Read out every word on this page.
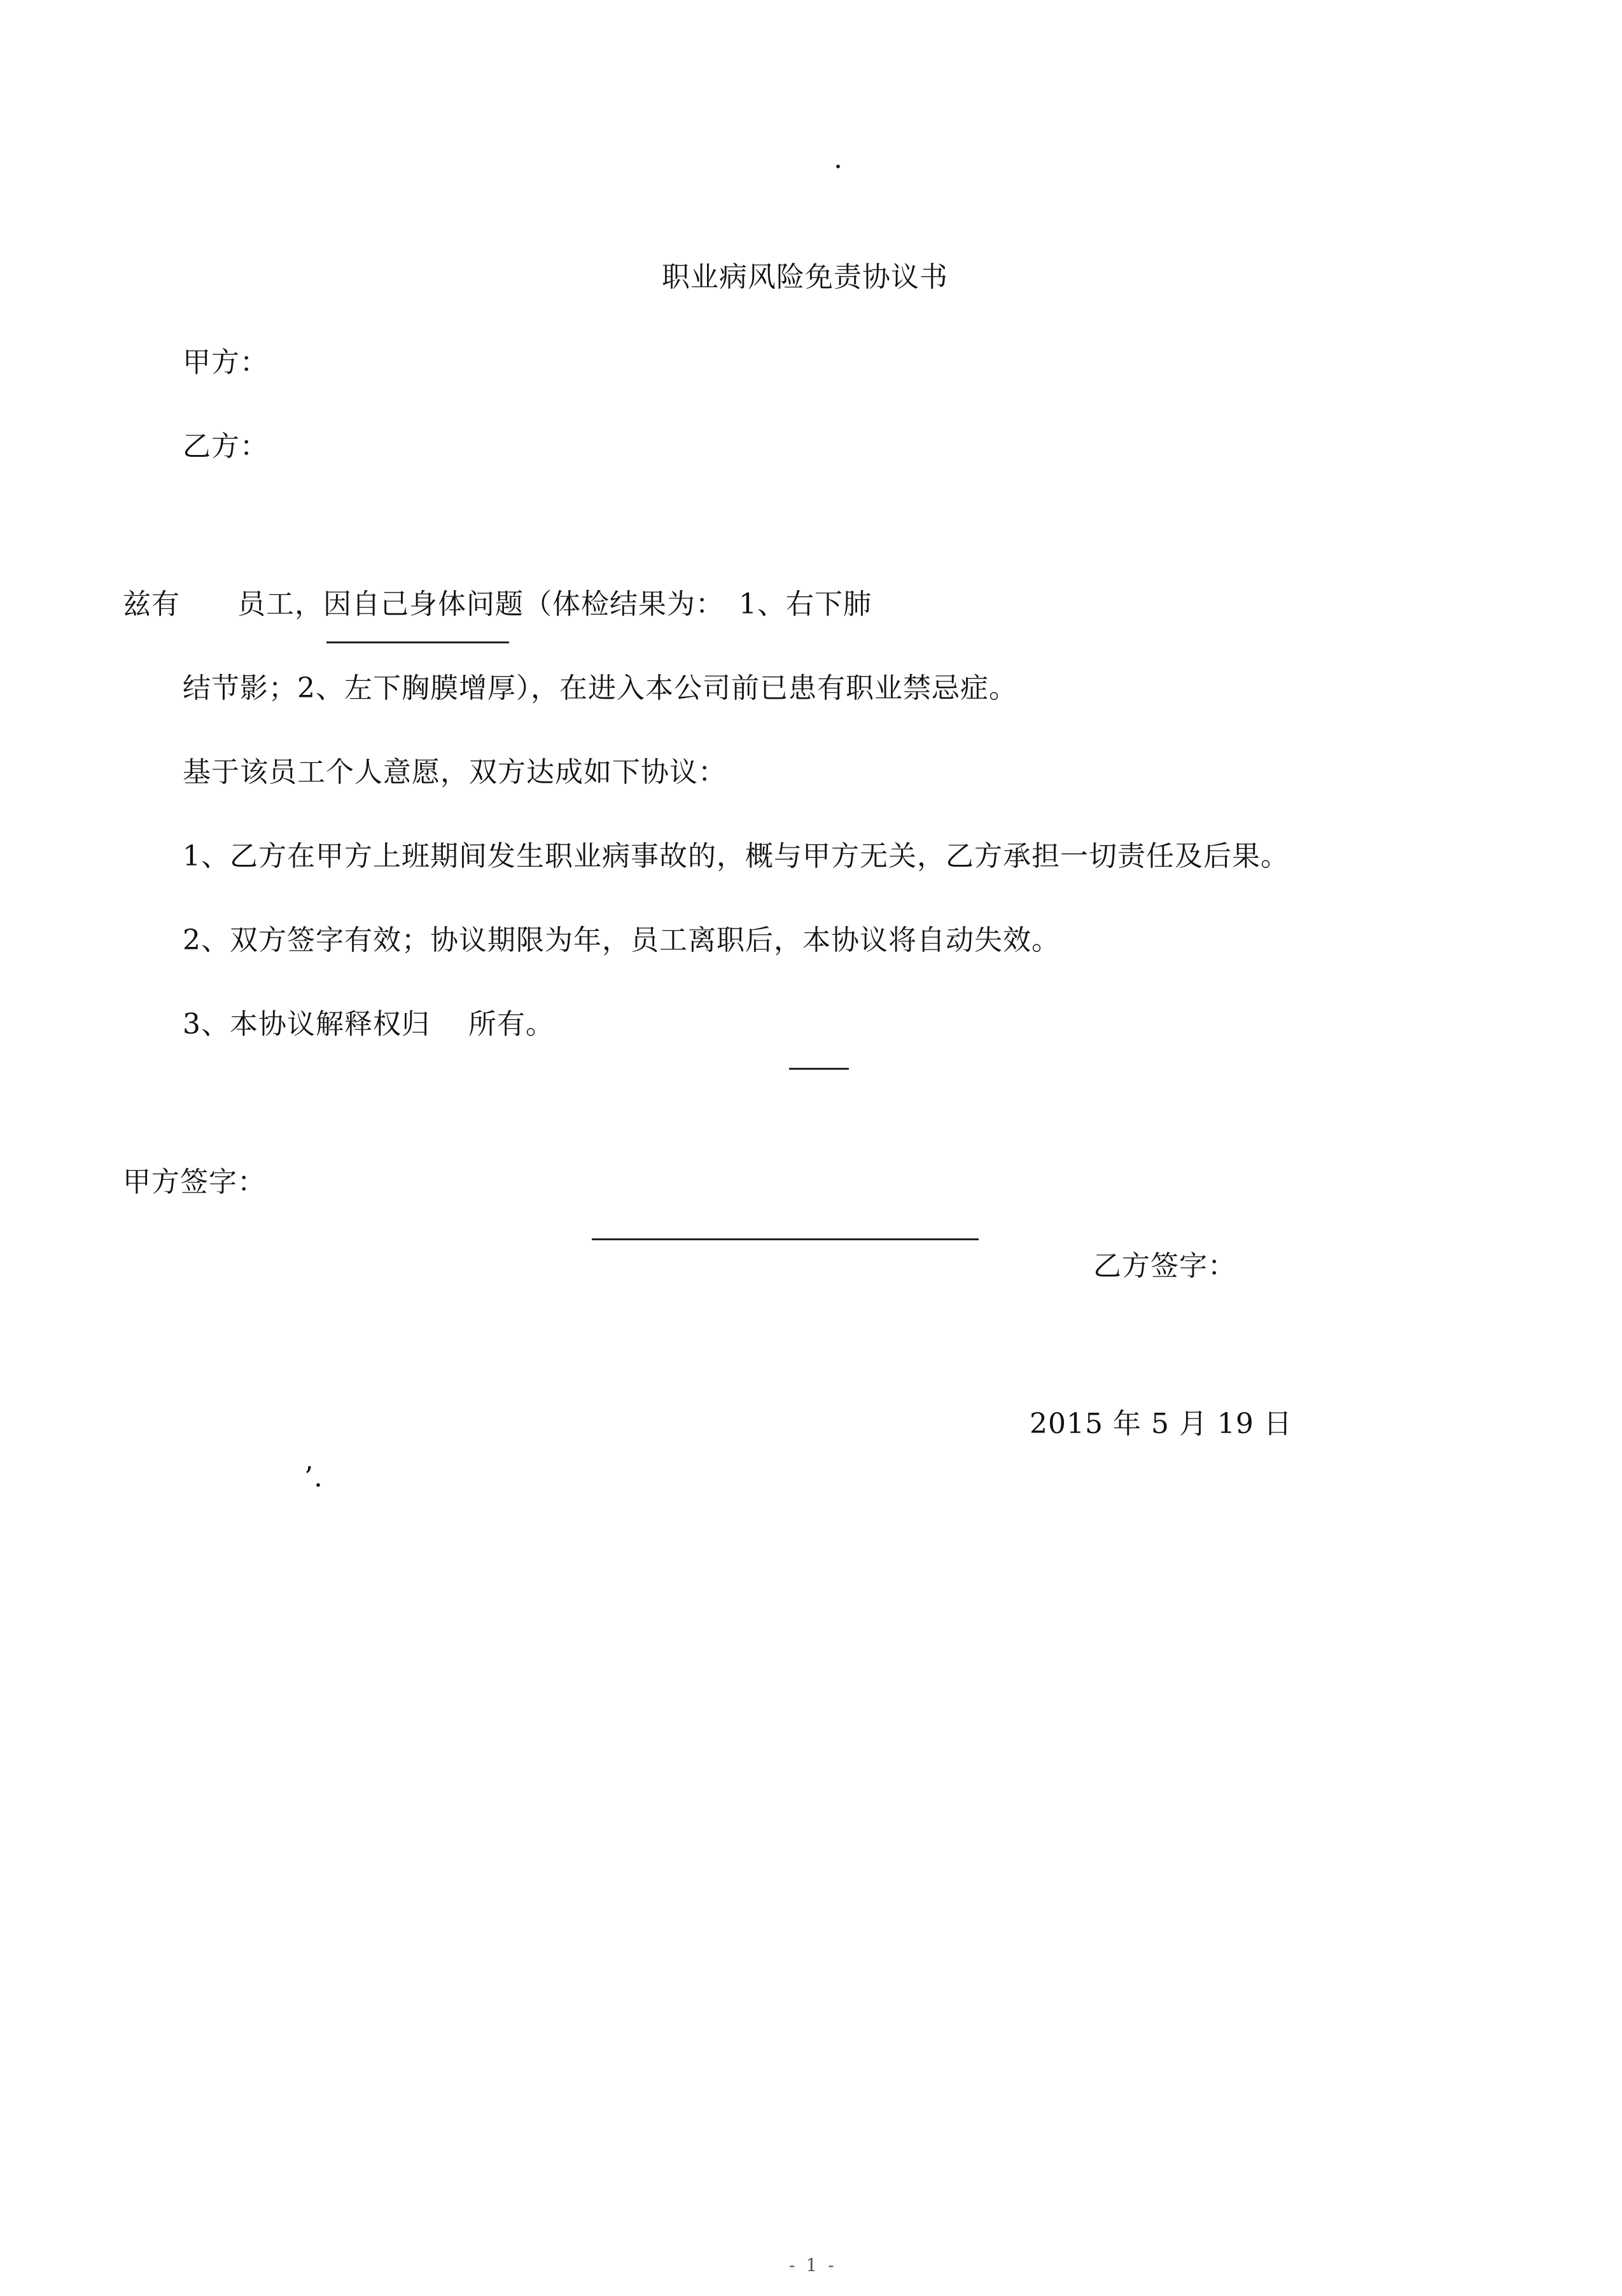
.
职业病风险免责协议书
甲方：
乙方：
兹有　　员工，因自己身体问题（体检结果为：　1、右下肺
结节影；2、左下胸膜增厚），在进入本公司前已患有职业禁忌症。
基于该员工个人意愿，双方达成如下协议：
1、乙方在甲方上班期间发生职业病事故的，概与甲方无关，乙方承担一切责任及后果。
2、双方签字有效；协议期限为年，员工离职后，本协议将自动失效。
3、本协议解释权归　 所有。
甲方签字：
乙方签字：
2015 年 5 月 19 日
’.
- 1 -
